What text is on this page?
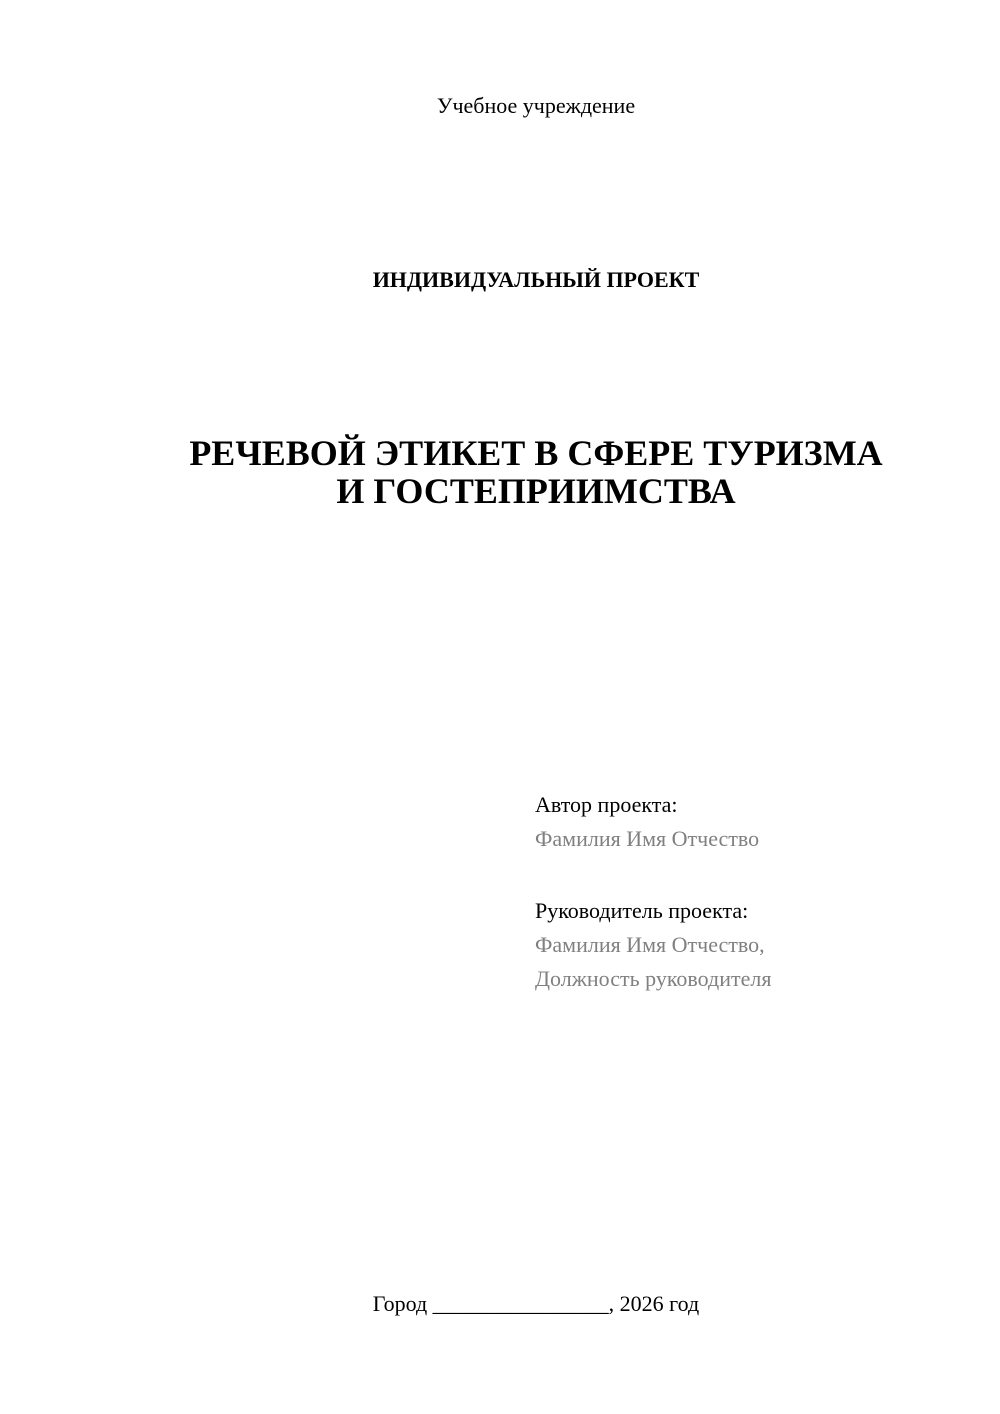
Учебное учреждение
ИНДИВИДУАЛЬНЫЙ ПРОЕКТ
РЕЧЕВОЙ ЭТИКЕТ В СФЕРЕ ТУРИЗМА
И ГОСТЕПРИИМСТВА
Автор проекта:
Фамилия Имя Отчество
Руководитель проекта:
Фамилия Имя Отчество,
Должность руководителя
Город ________________, 2026 год
